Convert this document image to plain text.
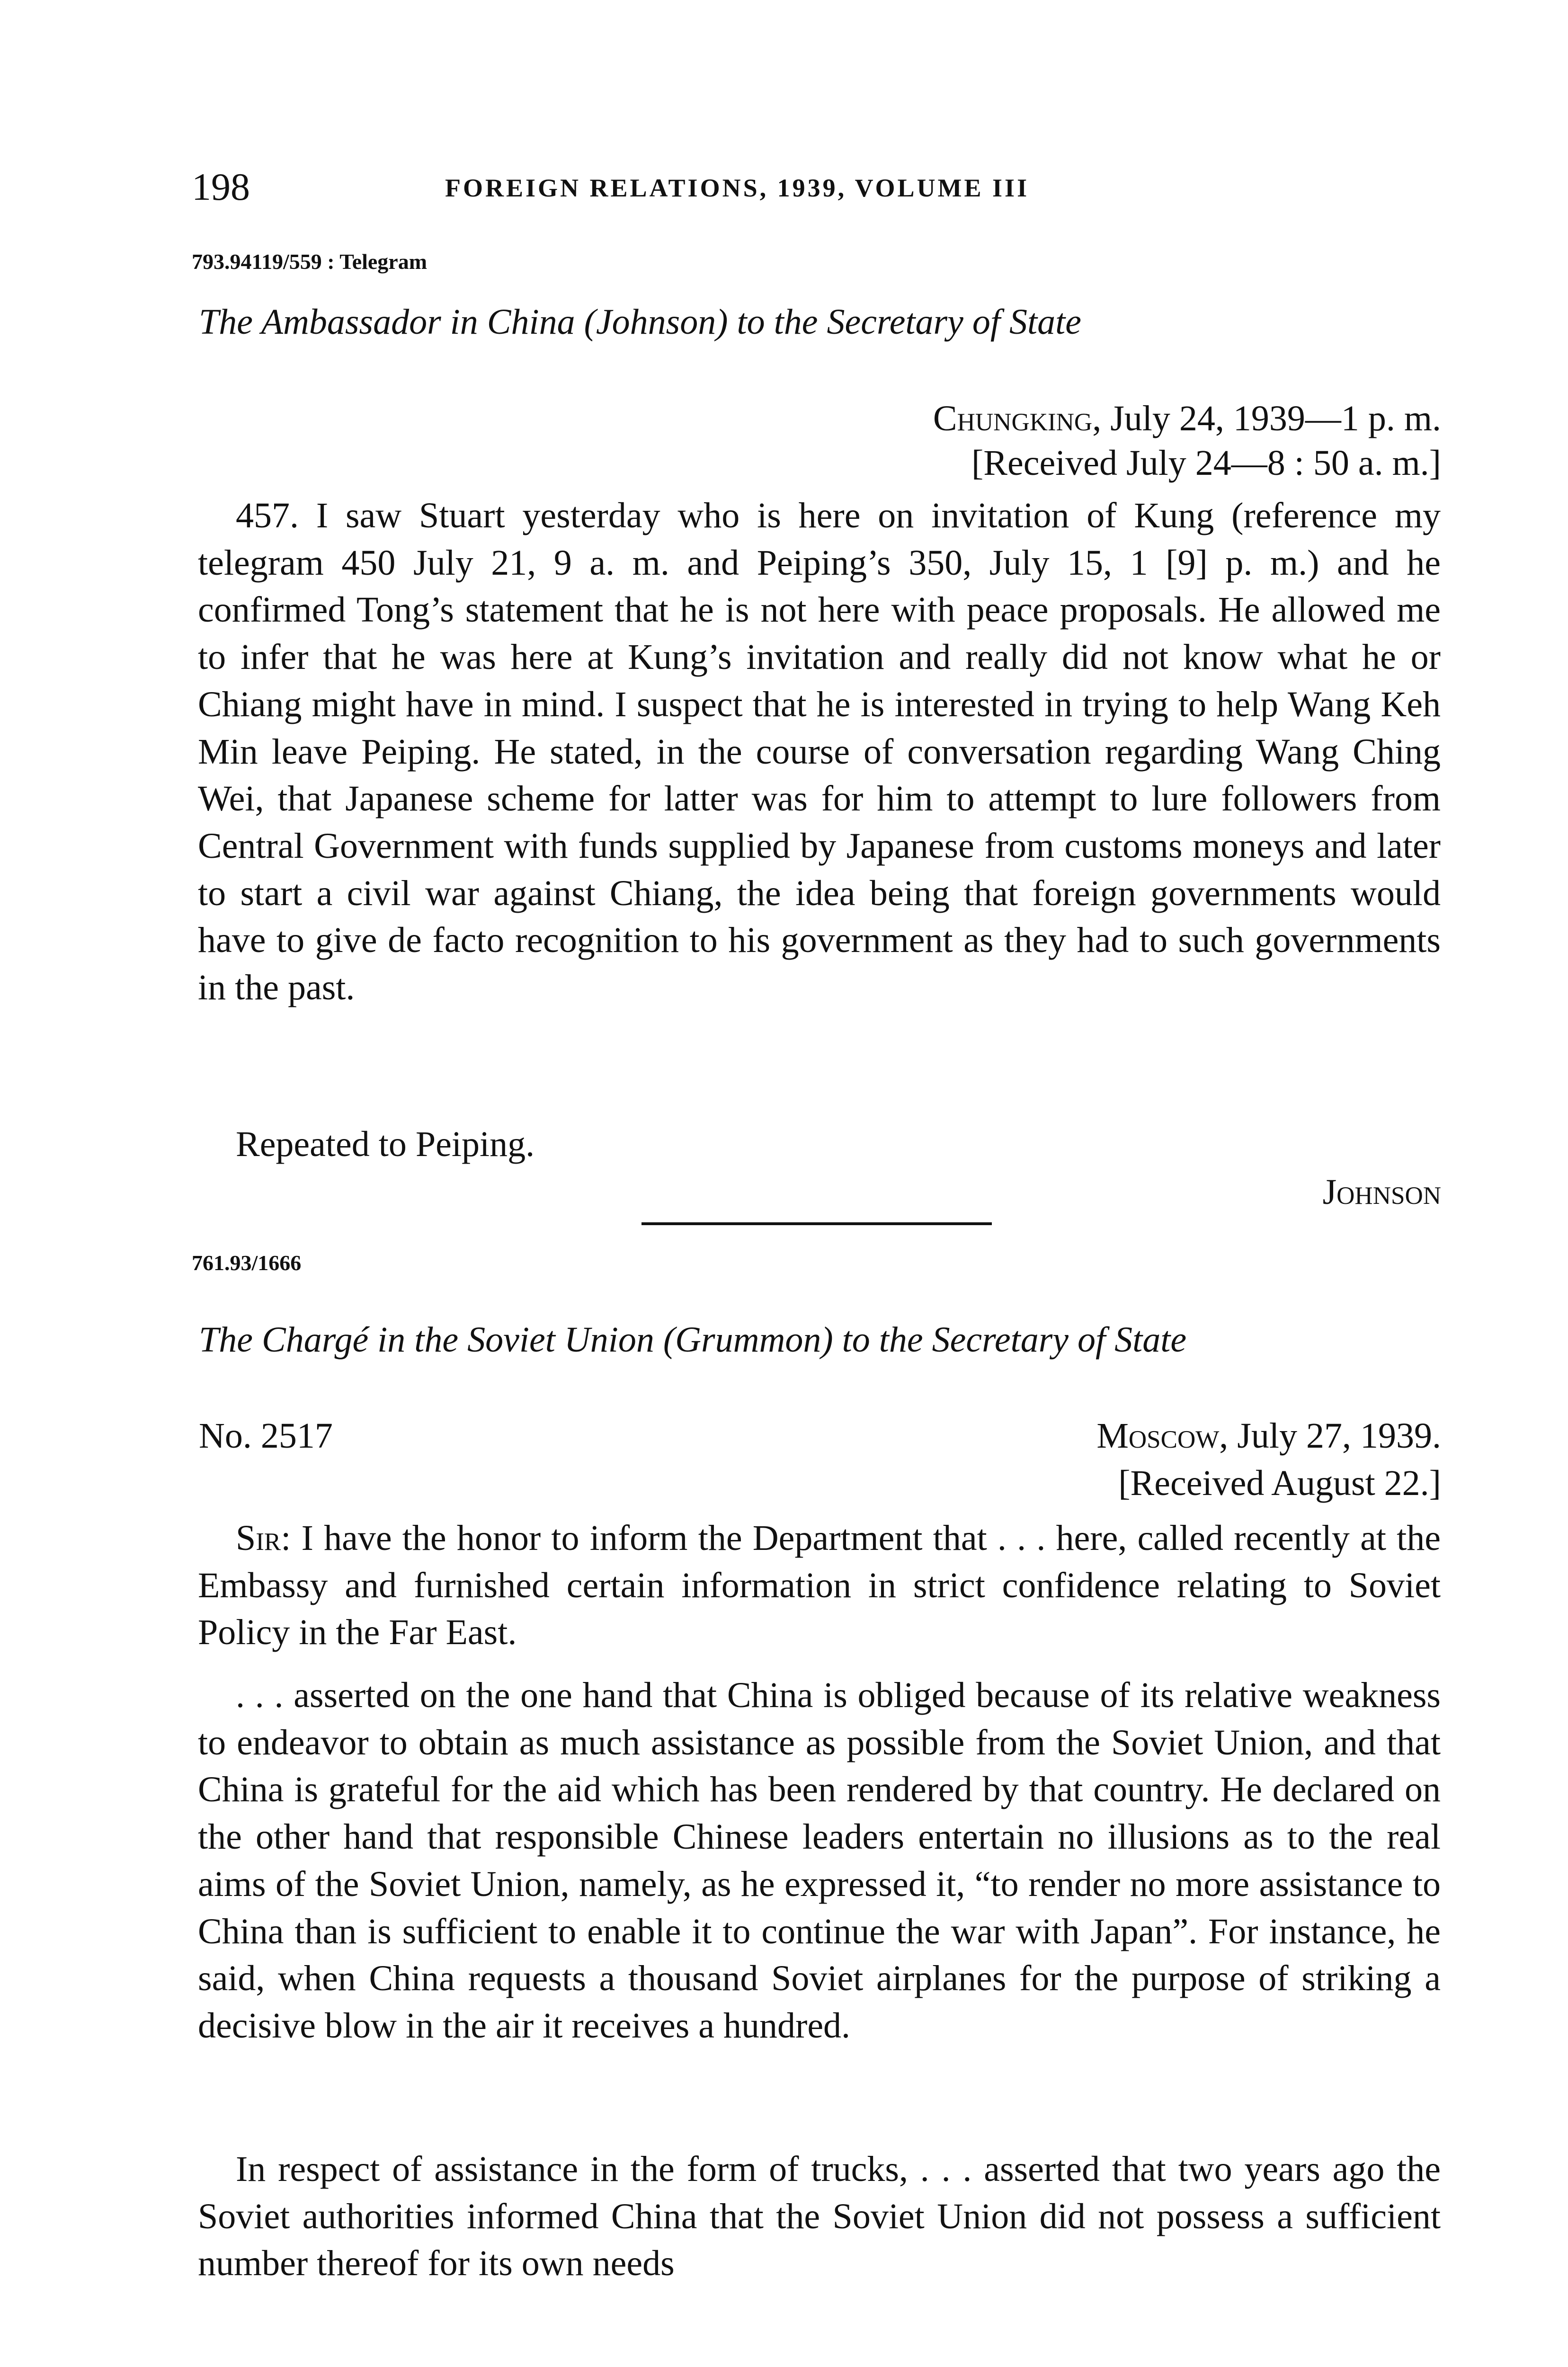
198	FOREIGN RELATIONS, 1939, VOLUME III
793.94119/559 : Telegram
The Ambassador in China (Johnson) to the Secretary of State
Chungking, July 24, 1939—1 p. m.
[Received July 24—8 : 50 a. m.]
457. I saw Stuart yesterday who is here on invitation of Kung (reference my telegram 450 July 21, 9 a. m. and Peiping’s 350, July 15, 1 [9] p. m.) and he confirmed Tong’s statement that he is not here with peace proposals. He allowed me to infer that he was here at Kung’s invitation and really did not know what he or Chiang might have in mind. I suspect that he is interested in trying to help Wang Keh Min leave Peiping. He stated, in the course of conversation regarding Wang Ching Wei, that Japanese scheme for latter was for him to attempt to lure followers from Central Government with funds supplied by Japanese from customs moneys and later to start a civil war against Chiang, the idea being that foreign governments would have to give de facto recognition to his government as they had to such governments in the past.
Repeated to Peiping.
Johnson
761.93/1666
The Chargé in the Soviet Union (Grummon) to the Secretary of State
No. 2517	Moscow, July 27, 1939.
[Received August 22.]
Sir: I have the honor to inform the Department that . . . here, called recently at the Embassy and furnished certain information in strict confidence relating to Soviet Policy in the Far East.
. . . asserted on the one hand that China is obliged because of its relative weakness to endeavor to obtain as much assistance as possible from the Soviet Union, and that China is grateful for the aid which has been rendered by that country. He declared on the other hand that responsible Chinese leaders entertain no illusions as to the real aims of the Soviet Union, namely, as he expressed it, “to render no more assistance to China than is sufficient to enable it to continue the war with Japan”. For instance, he said, when China requests a thousand Soviet airplanes for the purpose of striking a decisive blow in the air it receives a hundred.
In respect of assistance in the form of trucks, . . . asserted that two years ago the Soviet authorities informed China that the Soviet Union did not possess a sufficient number thereof for its own needs
